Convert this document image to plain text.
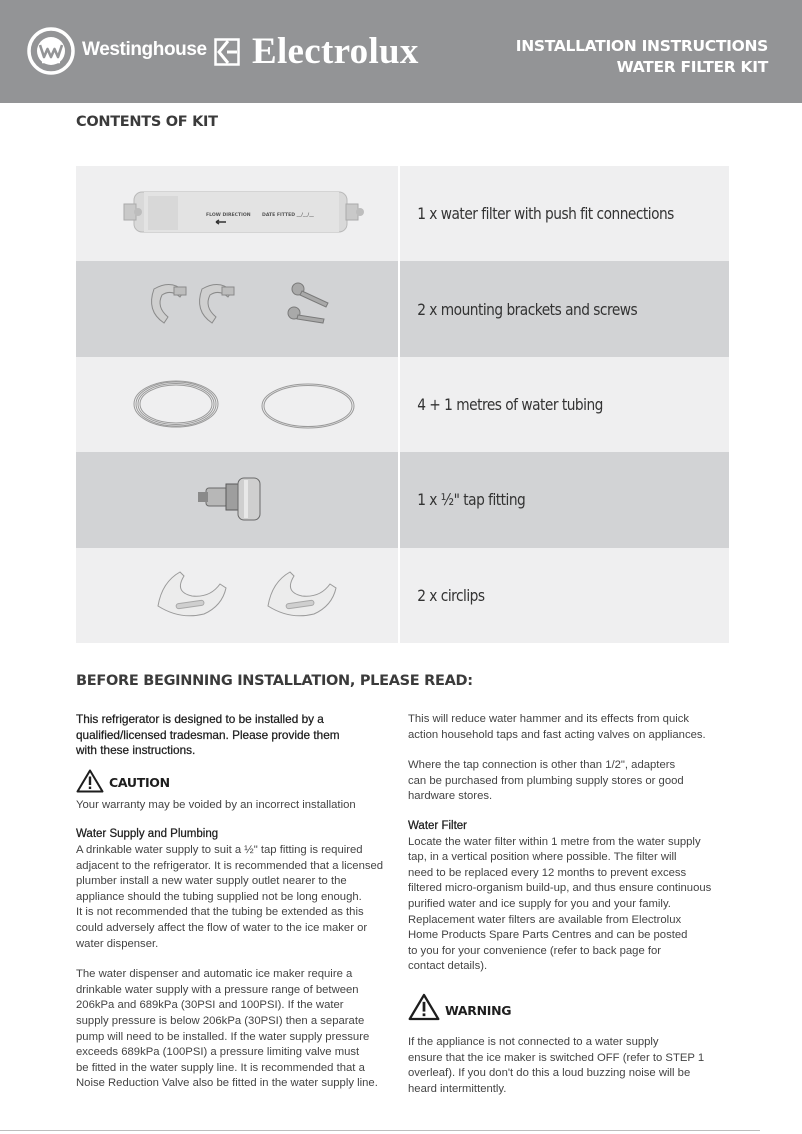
Westinghouse Electrolux	INSTALLATION INSTRUCTIONS
WATER FILTER KIT
CONTENTS OF KIT
FLOW DIRECTION DATE FITTED __/__/__	1 x water filter with push fit connections
2 x mounting brackets and screws
4 + 1 metres of water tubing
1 x ½" tap fitting
2 x circlips
BEFORE BEGINNING INSTALLATION, PLEASE READ:

This refrigerator is designed to be installed by a

qualified/licensed tradesman. Please provide them

with these instructions.

CAUTION

Your warranty may be voided by an incorrect installation

Water Supply and Plumbing

A drinkable water supply to suit a ½" tap fitting is required

adjacent to the refrigerator. It is recommended that a licensed

plumber install a new water supply outlet nearer to the

appliance should the tubing supplied not be long enough.

It is not recommended that the tubing be extended as this

could adversely affect the flow of water to the ice maker or

water dispenser.

The water dispenser and automatic ice maker require a

drinkable water supply with a pressure range of between

206kPa and 689kPa (30PSI and 100PSI). If the water

supply pressure is below 206kPa (30PSI) then a separate

pump will need to be installed. If the water supply pressure

exceeds 689kPa (100PSI) a pressure limiting valve must

be fitted in the water supply line. It is recommended that a

Noise Reduction Valve also be fitted in the water supply line.

This will reduce water hammer and its effects from quick

action household taps and fast acting valves on appliances.

Where the tap connection is other than 1/2", adapters

can be purchased from plumbing supply stores or good

hardware stores.

Water Filter

Locate the water filter within 1 metre from the water supply

tap, in a vertical position where possible. The filter will

need to be replaced every 12 months to prevent excess

filtered micro-organism build-up, and thus ensure continuous

purified water and ice supply for you and your family.

Replacement water filters are available from Electrolux

Home Products Spare Parts Centres and can be posted

to you for your convenience (refer to back page for

contact details).

WARNING

If the appliance is not connected to a water supply

ensure that the ice maker is switched OFF (refer to STEP 1

overleaf). If you don't do this a loud buzzing noise will be

heard intermittently.
